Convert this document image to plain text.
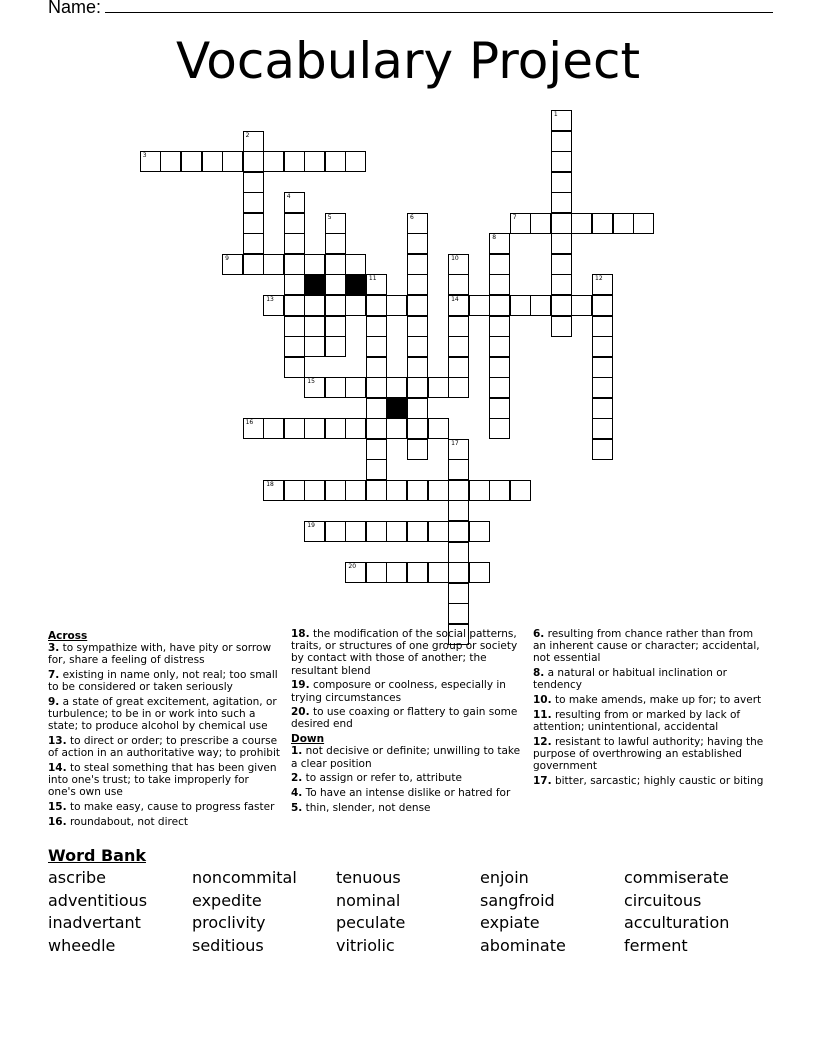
Name:
Vocabulary Project
1
2
3
4
5	6	7
8
9	10
11	12
13	14
15
16
17
18
19
20
Across
3. to sympathize with, have pity or sorrow for, share a feeling of distress
7. existing in name only, not real; too small to be considered or taken seriously
9. a state of great excitement, agitation, or turbulence; to be in or work into such a state; to produce alcohol by chemical use
13. to direct or order; to prescribe a course of action in an authoritative way; to prohibit
14. to steal something that has been given into one's trust; to take improperly for one's own use
15. to make easy, cause to progress faster
16. roundabout, not direct
18. the modification of the social patterns, traits, or structures of one group or society by contact with those of another; the resultant blend
19. composure or coolness, especially in trying circumstances
20. to use coaxing or flattery to gain some desired end
Down
1. not decisive or definite; unwilling to take a clear position
2. to assign or refer to, attribute
4. To have an intense dislike or hatred for
5. thin, slender, not dense
6. resulting from chance rather than from an inherent cause or character; accidental, not essential
8. a natural or habitual inclination or tendency
10. to make amends, make up for; to avert
11. resulting from or marked by lack of attention; unintentional, accidental
12. resistant to lawful authority; having the purpose of overthrowing an established government
17. bitter, sarcastic; highly caustic or biting
Word Bank
ascribe	noncommital	tenuous	enjoin	commiserate
adventitious	expedite	nominal	sangfroid	circuitous
inadvertant	proclivity	peculate	expiate	acculturation
wheedle	seditious	vitriolic	abominate	ferment
